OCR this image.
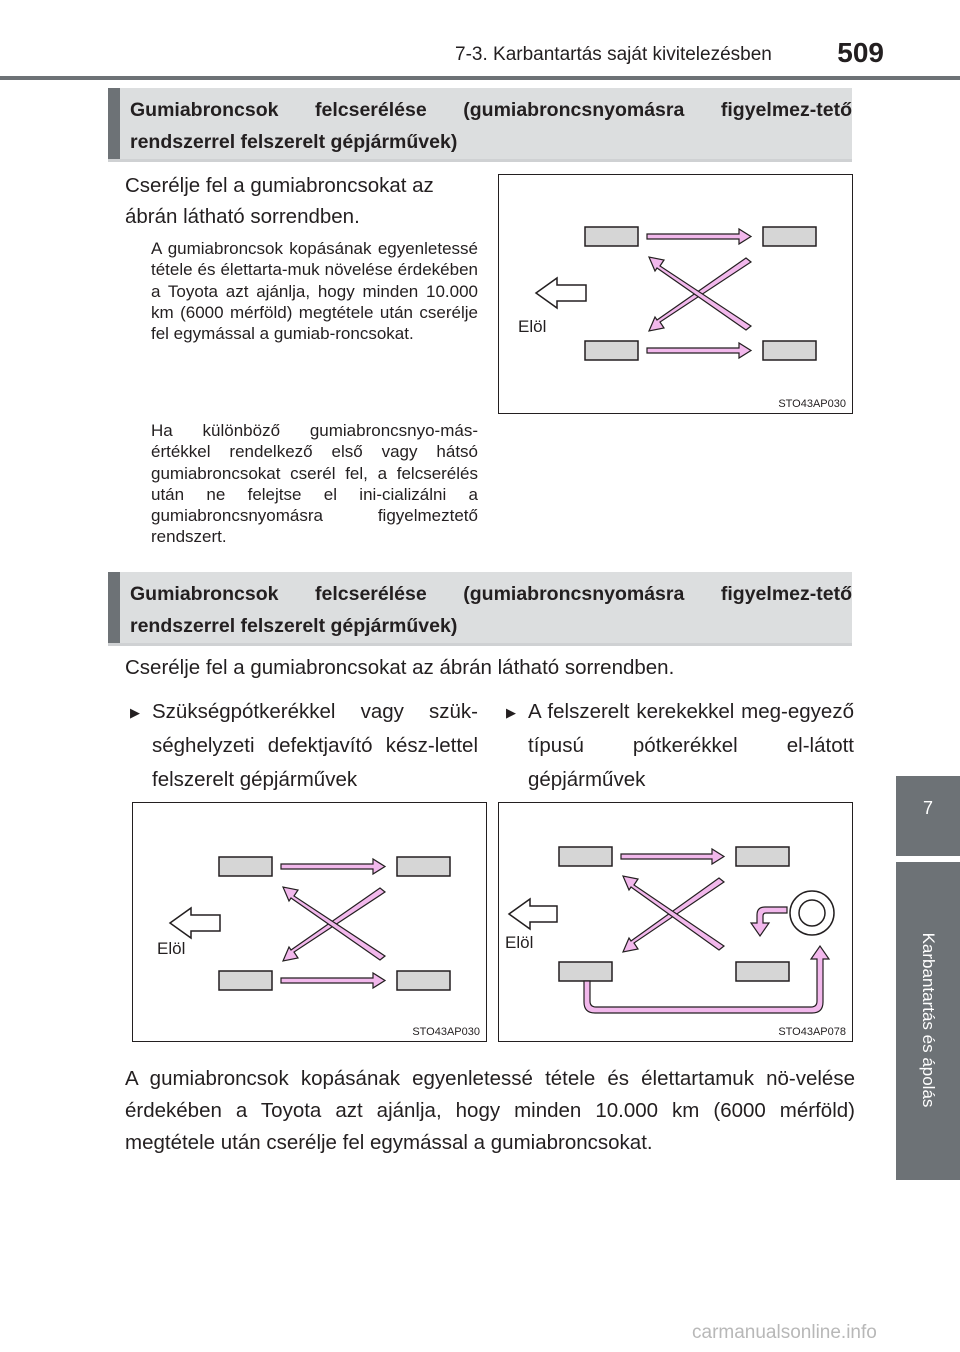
7-3. Karbantartás saját kivitelezésben	509
7
Karbantartás és ápolás
Gumiabroncsok felcserélése (gumiabroncsnyomásra figyelmez-tető rendszerrel felszerelt gépjárművek)
Cserélje fel a gumiabroncsokat az ábrán látható sorrendben.
A gumiabroncsok kopásának egyenletessé tétele és élettarta-muk növelése érdekében a Toyota azt ajánlja, hogy minden 10.000 km (6000 mérföld) megtétele után cserélje fel egymással a gumiab-roncsokat.
Ha különböző gumiabroncsnyo-más-értékkel rendelkező első vagy hátsó gumiabroncsokat cserél fel, a felcserélés után ne felejtse el ini-cializálni a gumiabroncsnyomásra figyelmeztető rendszert.
Elöl
STO43AP030
Gumiabroncsok felcserélése (gumiabroncsnyomásra figyelmez-tető rendszerrel felszerelt gépjárművek)
Cserélje fel a gumiabroncsokat az ábrán látható sorrendben.
▶ Szükségpótkerékkel vagy szük-séghelyzeti defektjavító kész-lettel felszerelt gépjárművek
▶ A felszerelt kerekekkel meg-egyező típusú pótkerékkel el-látott gépjárművek
Elöl
STO43AP030
Elöl
STO43AP078
A gumiabroncsok kopásának egyenletessé tétele és élettartamuk nö-velése érdekében a Toyota azt ajánlja, hogy minden 10.000 km (6000 mérföld) megtétele után cserélje fel egymással a gumiabroncsokat.
carmanualsonline.info
